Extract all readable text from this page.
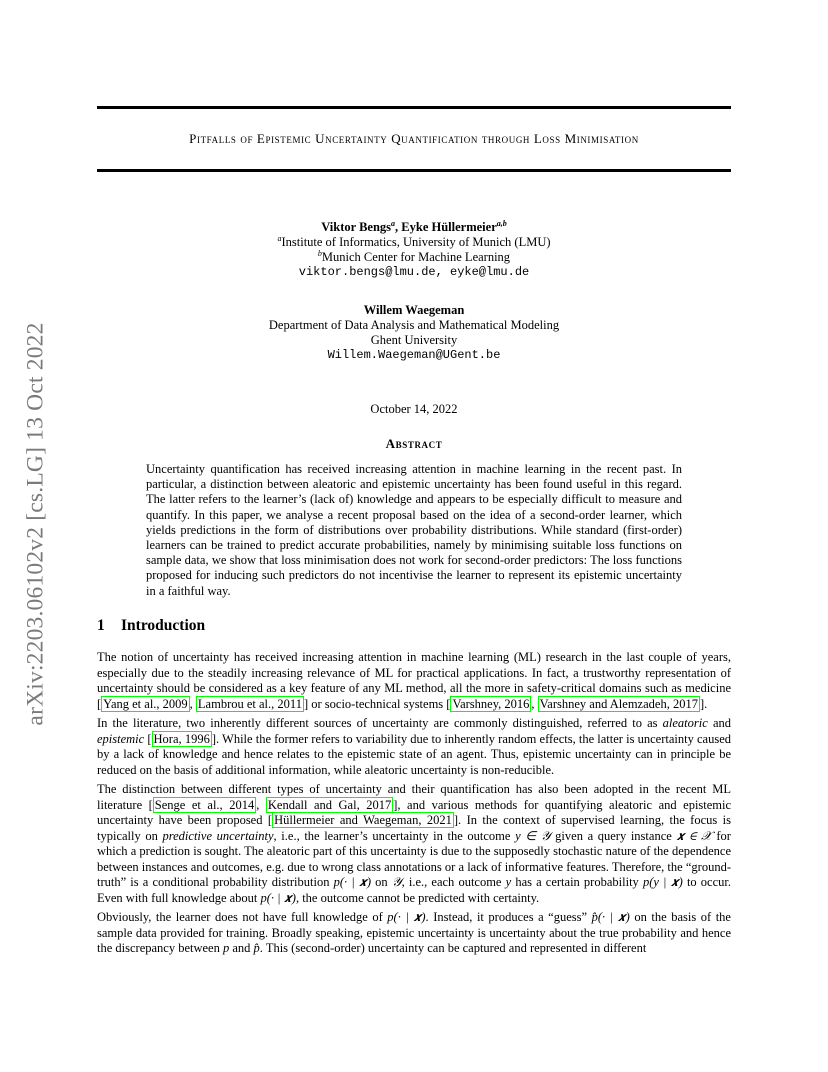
arXiv:2203.06102v2 [cs.LG] 13 Oct 2022
Pitfalls of Epistemic Uncertainty Quantification through Loss Minimisation
Viktor Bengs$^a$, Eyke Hüllermeier$^{a,b}$
$^a$Institute of Informatics, University of Munich (LMU)
$^b$Munich Center for Machine Learning
viktor.bengs@lmu.de, eyke@lmu.de
Willem Waegeman
Department of Data Analysis and Mathematical Modeling
Ghent University
Willem.Waegeman@UGent.be
October 14, 2022
Abstract
Uncertainty quantification has received increasing attention in machine learning in the recent past. In particular, a distinction between aleatoric and epistemic uncertainty has been found useful in this regard. The latter refers to the learner’s (lack of) knowledge and appears to be especially difficult to measure and quantify. In this paper, we analyse a recent proposal based on the idea of a second-order learner, which yields predictions in the form of distributions over probability distributions. While standard (first-order) learners can be trained to predict accurate probabilities, namely by minimising suitable loss functions on sample data, we show that loss minimisation does not work for second-order predictors: The loss functions proposed for inducing such predictors do not incentivise the learner to represent its epistemic uncertainty in a faithful way.
1 Introduction

The notion of uncertainty has received increasing attention in machine learning (ML) research in the last couple of years, especially due to the steadily increasing relevance of ML for practical applications. In fact, a trustworthy representation of uncertainty should be considered as a key feature of any ML method, all the more in safety-critical domains such as medicine [ Yang et al., 2009 , Lambrou et al., 2011 ] or socio-technical systems [ Varshney, 2016 , Varshney and Alemzadeh, 2017 ].

In the literature, two inherently different sources of uncertainty are commonly distinguished, referred to as aleatoric and epistemic [ Hora, 1996 ]. While the former refers to variability due to inherently random effects, the latter is uncertainty caused by a lack of knowledge and hence relates to the epistemic state of an agent. Thus, epistemic uncertainty can in principle be reduced on the basis of additional information, while aleatoric uncertainty is non-reducible.

The distinction between different types of uncertainty and their quantification has also been adopted in the recent ML literature [ Senge et al., 2014 , Kendall and Gal, 2017 ], and various methods for quantifying aleatoric and epistemic uncertainty have been proposed [ Hüllermeier and Waegeman, 2021 ]. In the context of supervised learning, the focus is typically on predictive uncertainty, i.e., the learner’s uncertainty in the outcome y ∈ 𝒴 given a query instance 𝒙 ∈ 𝒳 for which a prediction is sought. The aleatoric part of this uncertainty is due to the supposedly stochastic nature of the dependence between instances and outcomes, e.g. due to wrong class annotations or a lack of informative features. Therefore, the “ground-truth” is a conditional probability distribution p(· | 𝒙) on 𝒴, i.e., each outcome y has a certain probability p(y | 𝒙) to occur. Even with full knowledge about p(· | 𝒙), the outcome cannot be predicted with certainty.

Obviously, the learner does not have full knowledge of p(· | 𝒙). Instead, it produces a “guess” p̂(· | 𝒙) on the basis of the sample data provided for training. Broadly speaking, epistemic uncertainty is uncertainty about the true probability and hence the discrepancy between p and p̂. This (second-order) uncertainty can be captured and represented in different
